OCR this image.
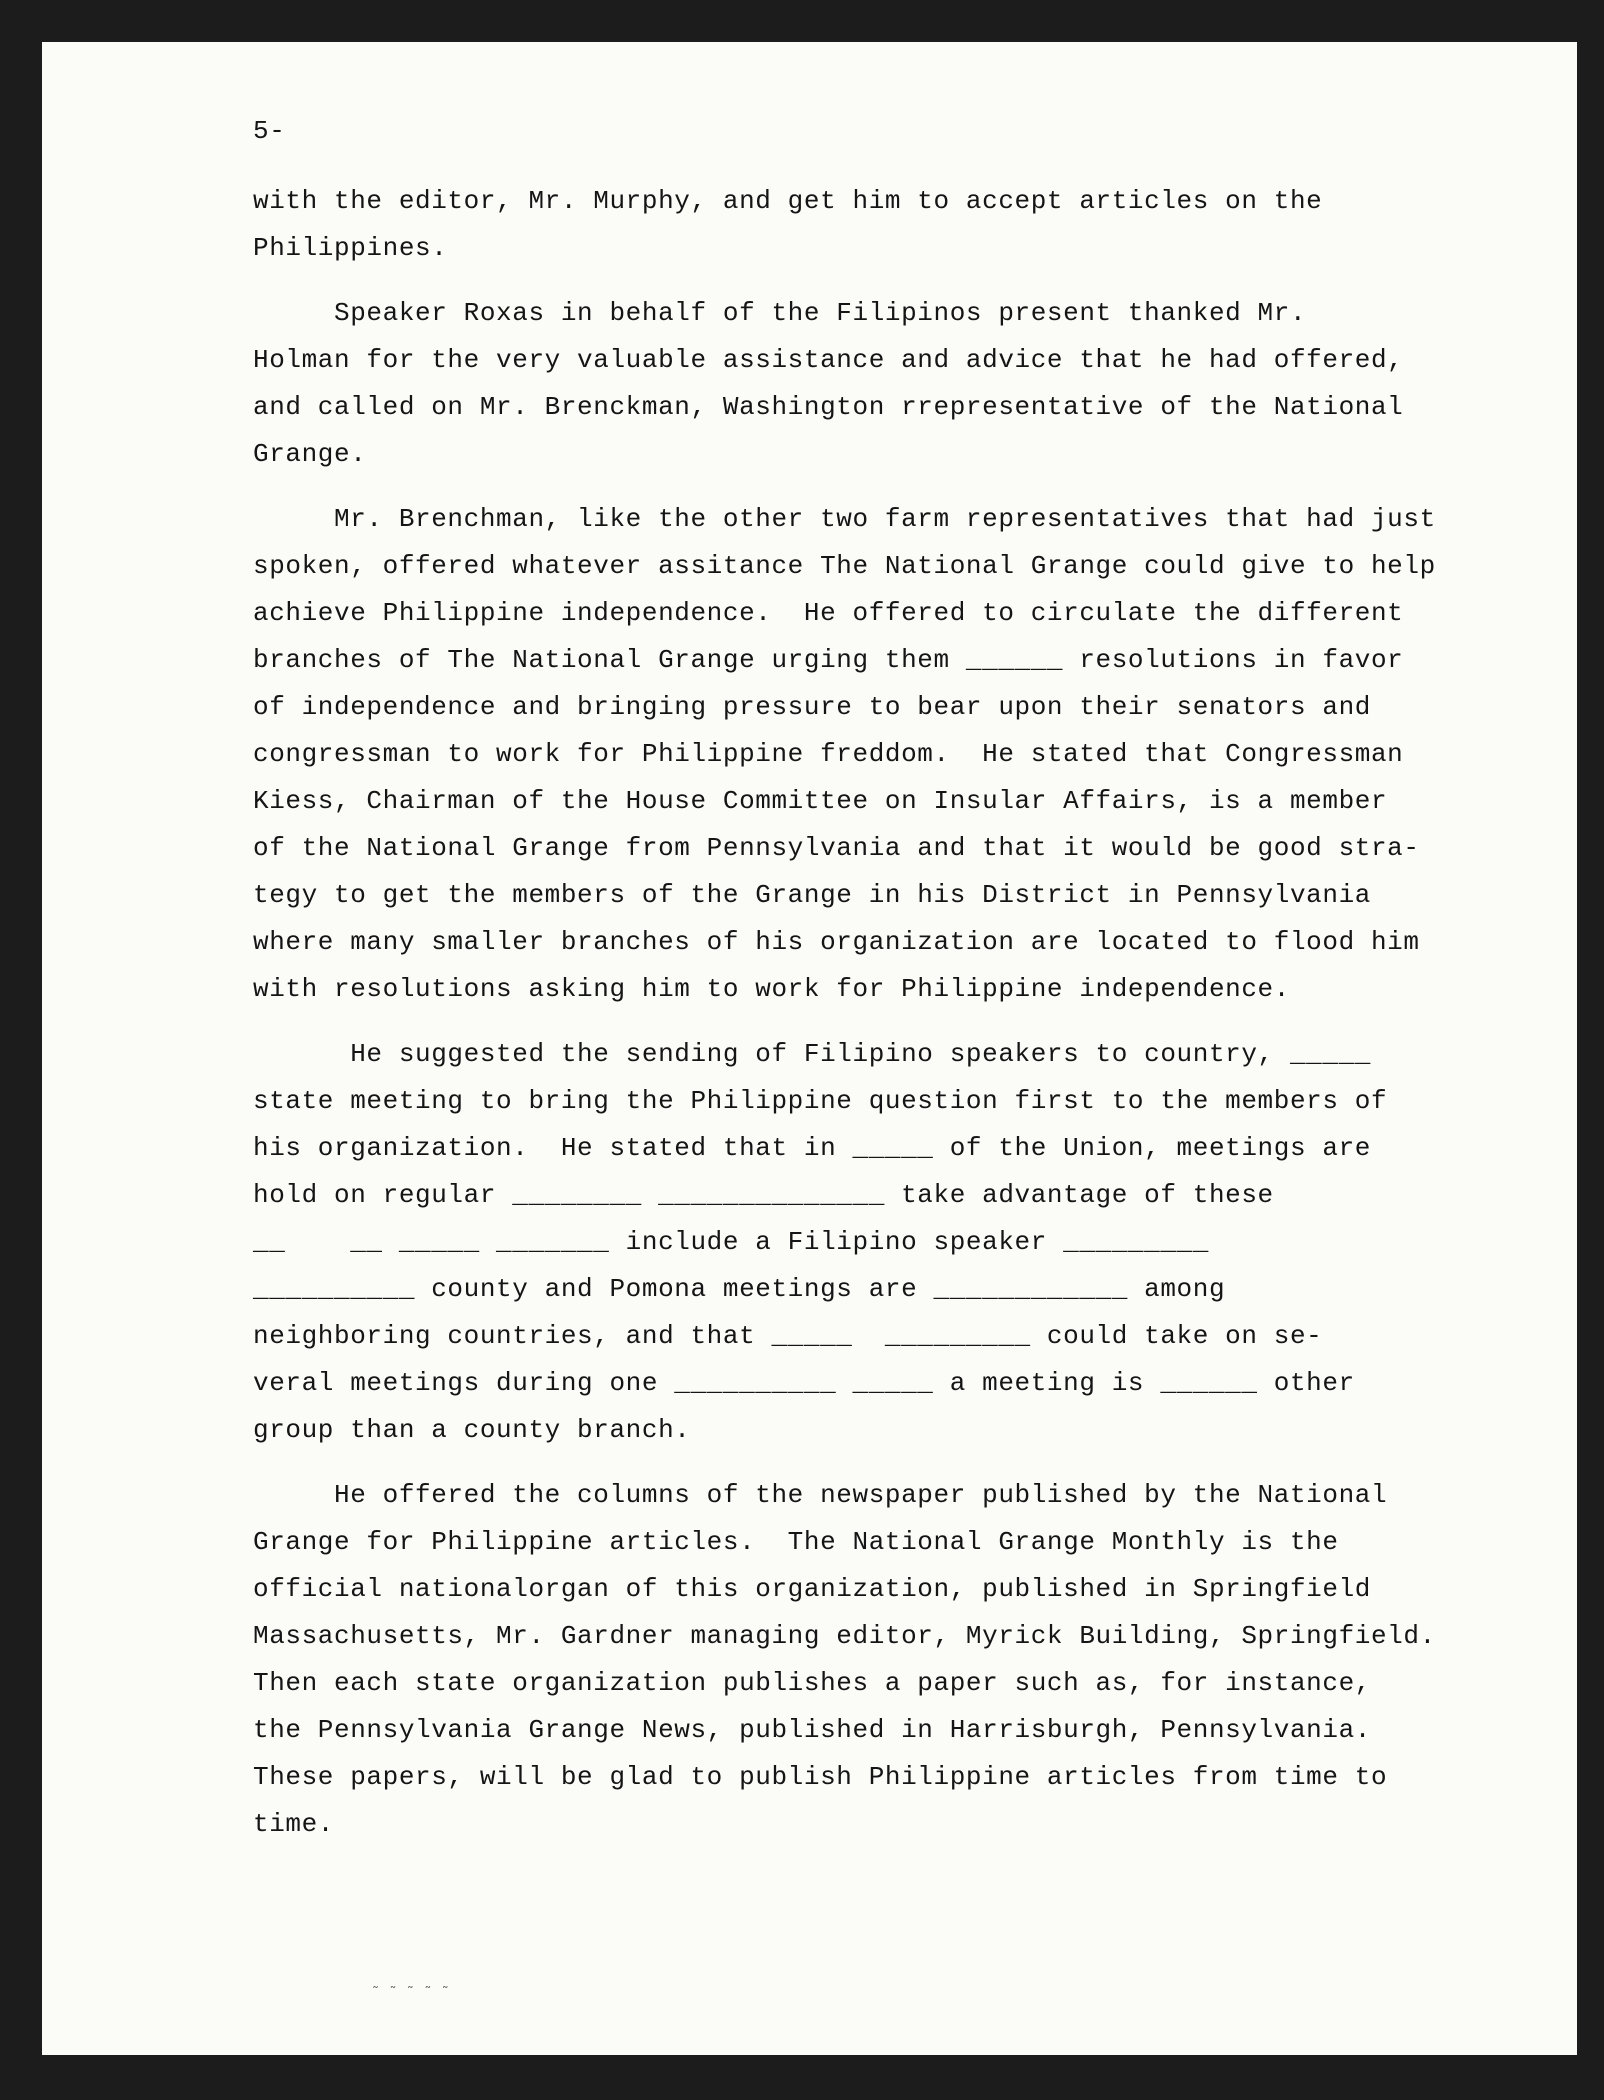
5-
with the editor, Mr. Murphy, and get him to accept articles on the
Philippines.
Speaker Roxas in behalf of the Filipinos present thanked Mr.
Holman for the very valuable assistance and advice that he had offered,
and called on Mr. Brenckman, Washington rrepresentative of the National
Grange.
Mr. Brenchman, like the other two farm representatives that had just
spoken, offered whatever assitance The National Grange could give to help
achieve Philippine independence.  He offered to circulate the different
branches of The National Grange urging them ______ resolutions in favor
of independence and bringing pressure to bear upon their senators and
congressman to work for Philippine freddom.  He stated that Congressman
Kiess, Chairman of the House Committee on Insular Affairs, is a member
of the National Grange from Pennsylvania and that it would be good stra-
tegy to get the members of the Grange in his District in Pennsylvania
where many smaller branches of his organization are located to flood him
with resolutions asking him to work for Philippine independence.
He suggested the sending of Filipino speakers to country, _____
state meeting to bring the Philippine question first to the members of
his organization.  He stated that in _____ of the Union, meetings are
hold on regular ________ ______________ take advantage of these
__    __ _____ _______ include a Filipino speaker _________
__________ county and Pomona meetings are ____________ among
neighboring countries, and that _____  _________ could take on se-
veral meetings during one __________ _____ a meeting is ______ other
group than a county branch.
He offered the columns of the newspaper published by the National
Grange for Philippine articles.  The National Grange Monthly is the
official nationalorgan of this organization, published in Springfield
Massachusetts, Mr. Gardner managing editor, Myrick Building, Springfield.
Then each state organization publishes a paper such as, for instance,
the Pennsylvania Grange News, published in Harrisburgh, Pennsylvania.
These papers, will be glad to publish Philippine articles from time to
time.
˜ ˜ ˜ ˜ ˜
